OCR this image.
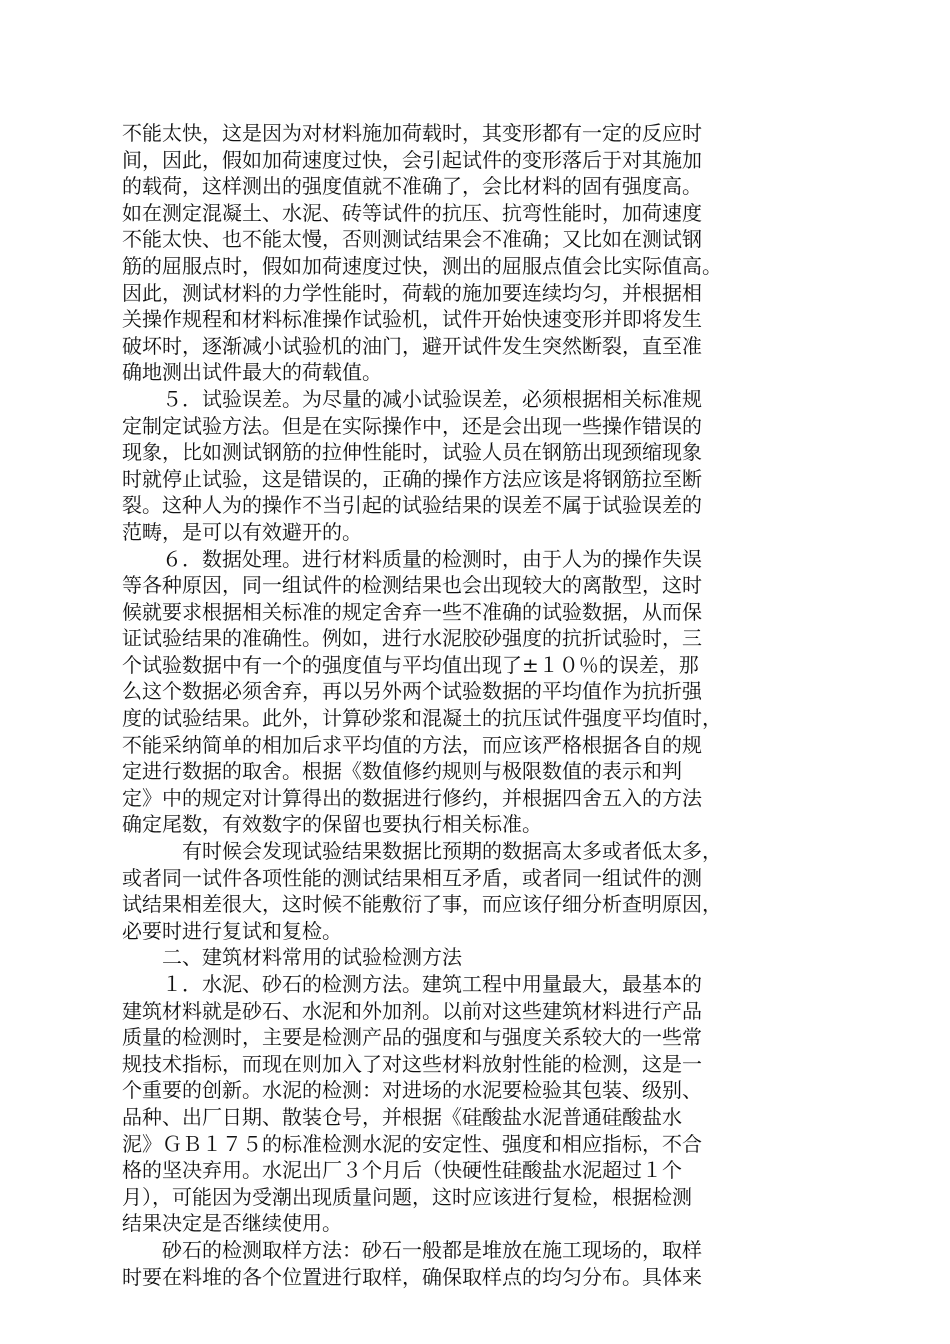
不能太快，这是因为对材料施加荷载时，其变形都有一定的反应时
间，因此，假如加荷速度过快，会引起试件的变形落后于对其施加
的载荷，这样测出的强度值就不准确了，会比材料的固有强度高。
如在测定混凝土、水泥、砖等试件的抗压、抗弯性能时，加荷速度
不能太快、也不能太慢，否则测试结果会不准确；又比如在测试钢
筋的屈服点时，假如加荷速度过快，测出的屈服点值会比实际值高。
因此，测试材料的力学性能时，荷载的施加要连续均匀，并根据相
关操作规程和材料标准操作试验机，试件开始快速变形并即将发生
破坏时，逐渐减小试验机的油门，避开试件发生突然断裂，直至准
确地测出试件最大的荷载值。
　　５．试验误差。为尽量的减小试验误差，必须根据相关标准规
定制定试验方法。但是在实际操作中，还是会出现一些操作错误的
现象，比如测试钢筋的拉伸性能时，试验人员在钢筋出现颈缩现象
时就停止试验，这是错误的，正确的操作方法应该是将钢筋拉至断
裂。这种人为的操作不当引起的试验结果的误差不属于试验误差的
范畴，是可以有效避开的。
　　６．数据处理。进行材料质量的检测时，由于人为的操作失误
等各种原因，同一组试件的检测结果也会出现较大的离散型，这时
候就要求根据相关标准的规定舍弃一些不准确的试验数据，从而保
证试验结果的准确性。例如，进行水泥胶砂强度的抗折试验时，三
个试验数据中有一个的强度值与平均值出现了±１０％的误差，那
么这个数据必须舍弃，再以另外两个试验数据的平均值作为抗折强
度的试验结果。此外，计算砂浆和混凝土的抗压试件强度平均值时，
不能采纳简单的相加后求平均值的方法，而应该严格根据各自的规
定进行数据的取舍。根据《数值修约规则与极限数值的表示和判
定》中的规定对计算得出的数据进行修约，并根据四舍五入的方法
确定尾数，有效数字的保留也要执行相关标准。
　　　有时候会发现试验结果数据比预期的数据高太多或者低太多，
或者同一试件各项性能的测试结果相互矛盾，或者同一组试件的测
试结果相差很大，这时候不能敷衍了事，而应该仔细分析查明原因，
必要时进行复试和复检。
　　二、建筑材料常用的试验检测方法
　　１．水泥、砂石的检测方法。建筑工程中用量最大，最基本的
建筑材料就是砂石、水泥和外加剂。以前对这些建筑材料进行产品
质量的检测时，主要是检测产品的强度和与强度关系较大的一些常
规技术指标，而现在则加入了对这些材料放射性能的检测，这是一
个重要的创新。水泥的检测：对进场的水泥要检验其包装、级别、
品种、出厂日期、散装仓号，并根据《硅酸盐水泥普通硅酸盐水
泥》ＧＢ１７５的标准检测水泥的安定性、强度和相应指标，不合
格的坚决弃用。水泥出厂３个月后（快硬性硅酸盐水泥超过１个
月），可能因为受潮出现质量问题，这时应该进行复检，根据检测
结果决定是否继续使用。
　　砂石的检测取样方法：砂石一般都是堆放在施工现场的，取样
时要在料堆的各个位置进行取样，确保取样点的均匀分布。具体来
